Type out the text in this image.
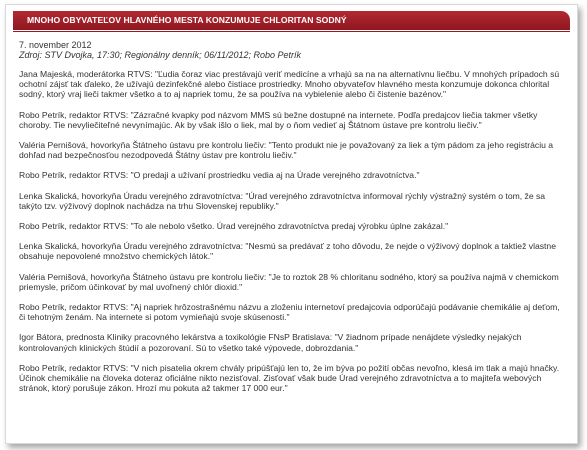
MNOHO OBYVATEĽOV HLAVNÉHO MESTA KONZUMUJE CHLORITAN SODNÝ
7. november 2012
Zdroj: STV Dvojka, 17:30; Regionálny denník; 06/11/2012; Robo Petrík

Jana Majeská, moderátorka RTVS: "Ľudia čoraz viac prestávajú veriť medicíne a vrhajú sa na na alternatívnu liečbu. V mnohých prípadoch sú ochotní zájsť tak ďaleko, že užívajú dezinfekčné alebo čistiace prostriedky. Mnoho obyvateľov hlavného mesta konzumuje dokonca chlorital sodný, ktorý vraj lieči takmer všetko a to aj napriek tomu, že sa používa na vybielenie alebo či čistenie bazénov."

Robo Petrík, redaktor RTVS: "Zázračné kvapky pod názvom MMS sú bežne dostupné na internete. Podľa predajcov liečia takmer všetky choroby. Tie nevyliečiteľné nevynímajúc. Ak by však išlo o liek, mal by o ňom vedieť aj Štátnom ústave pre kontrolu liečiv."

Valéria Pernišová, hovorkyňa Štátneho ústavu pre kontrolu liečiv: "Tento produkt nie je považovaný za liek a tým pádom za jeho registráciu a dohľad nad bezpečnosťou nezodpovedá Štátny ústav pre kontrolu liečiv."

Robo Petrík, redaktor RTVS: "O predaji a užívaní prostriedku vedia aj na Úrade verejného zdravotníctva."

Lenka Skalická, hovorkyňa Úradu verejného zdravotníctva: "Úrad verejného zdravotníctva informoval rýchly výstražný systém o tom, že sa takýto tzv. výživový doplnok nachádza na trhu Slovenskej republiky."

Robo Petrík, redaktor RTVS: "To ale nebolo všetko. Úrad verejného zdravotníctva predaj výrobku úplne zakázal."

Lenka Skalická, hovorkyňa Úradu verejného zdravotníctva: "Nesmú sa predávať z toho dôvodu, že nejde o výživový doplnok a taktiež vlastne obsahuje nepovolené množstvo chemických látok."

Valéria Pernišová, hovorkyňa Štátneho ústavu pre kontrolu liečiv: "Je to roztok 28 % chloritanu sodného, ktorý sa používa najmä v chemickom priemysle, pričom účinkovať by mal uvoľnený chlór dioxid."

Robo Petrík, redaktor RTVS: "Aj napriek hrôzostrašnému názvu a zloženiu internetoví predajcovia odporúčajú podávanie chemikálie aj deťom, či tehotným ženám. Na internete si potom vymieňajú svoje skúsenosti."

Igor Bátora, prednosta Kliniky pracovného lekárstva a toxikológie FNsP Bratislava: "V žiadnom prípade nenájdete výsledky nejakých kontrolovaných klinických štúdií a pozorovaní. Sú to všetko také výpovede, dobrozdania."

Robo Petrík, redaktor RTVS: "V nich pisatelia okrem chvály pripúšťajú len to, že im býva po požití občas nevoľno, klesá im tlak a majú hnačky. Účinok chemikálie na človeka doteraz oficiálne nikto nezisťoval. Zisťovať však bude Úrad verejného zdravotníctva a to majiteľa webových stránok, ktorý porušuje zákon. Hrozí mu pokuta až takmer 17 000 eur."
